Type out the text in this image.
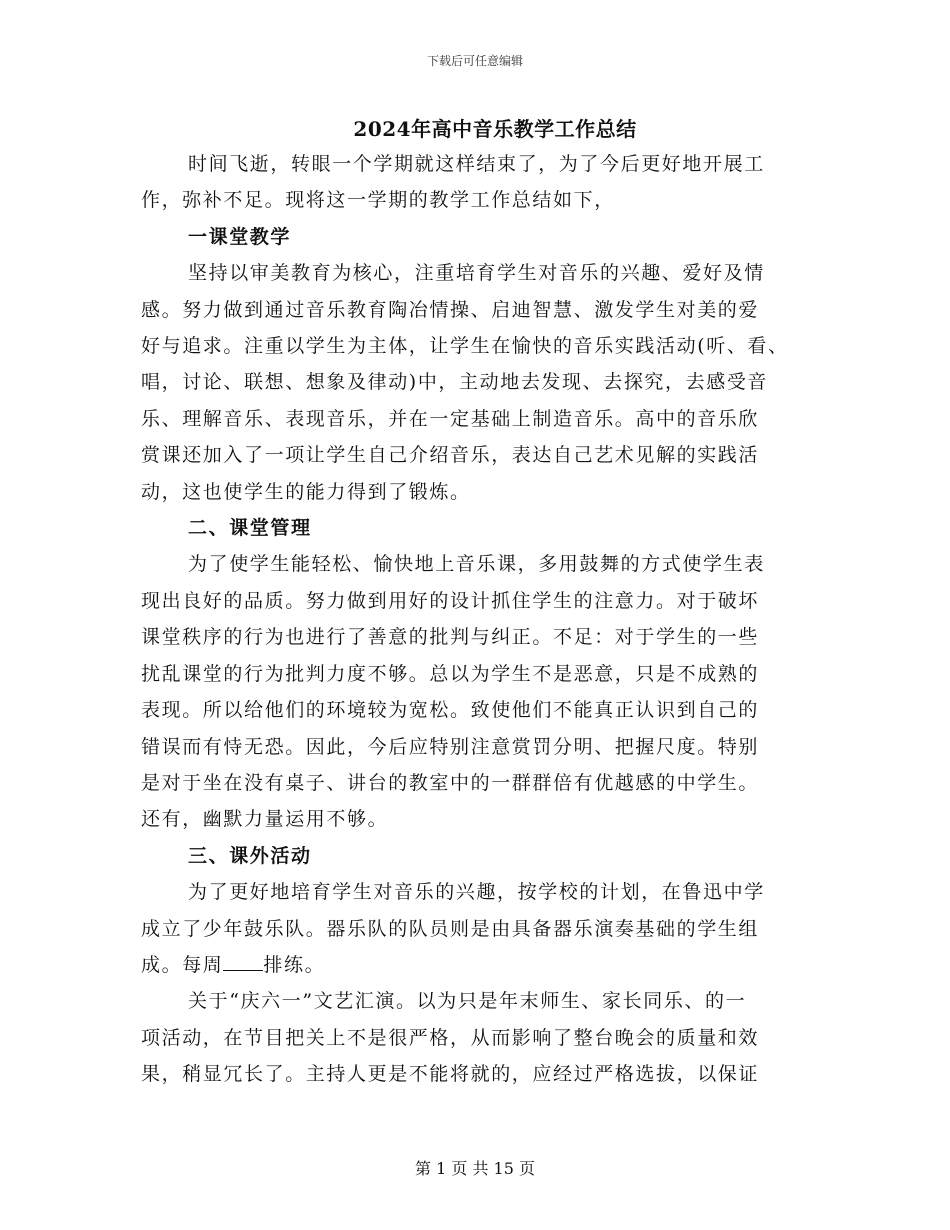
下载后可任意编辑
2024年高中音乐教学工作总结

时间飞逝，转眼一个学期就这样结束了，为了今后更好地开展工
作，弥补不足。现将这一学期的教学工作总结如下，

一课堂教学

坚持以审美教育为核心，注重培育学生对音乐的兴趣、爱好及情
感。努力做到通过音乐教育陶冶情操、启迪智慧、激发学生对美的爱
好与追求。注重以学生为主体，让学生在愉快的音乐实践活动(听、看、
唱，讨论、联想、想象及律动)中，主动地去发现、去探究，去感受音
乐、理解音乐、表现音乐，并在一定基础上制造音乐。高中的音乐欣
赏课还加入了一项让学生自己介绍音乐，表达自己艺术见解的实践活
动，这也使学生的能力得到了锻炼。

二、课堂管理

为了使学生能轻松、愉快地上音乐课，多用鼓舞的方式使学生表
现出良好的品质。努力做到用好的设计抓住学生的注意力。对于破坏
课堂秩序的行为也进行了善意的批判与纠正。不足：对于学生的一些
扰乱课堂的行为批判力度不够。总以为学生不是恶意，只是不成熟的
表现。所以给他们的环境较为宽松。致使他们不能真正认识到自己的
错误而有恃无恐。因此，今后应特别注意赏罚分明、把握尺度。特别
是对于坐在没有桌子、讲台的教室中的一群群倍有优越感的中学生。
还有，幽默力量运用不够。

三、课外活动

为了更好地培育学生对音乐的兴趣，按学校的计划，在鲁迅中学
成立了少年鼓乐队。器乐队的队员则是由具备器乐演奏基础的学生组
成。每周 排练。

关于“庆六一”文艺汇演。以为只是年末师生、家长同乐、的一
项活动，在节目把关上不是很严格，从而影响了整台晚会的质量和效
果，稍显冗长了。主持人更是不能将就的，应经过严格选拔，以保证

第 1 页 共 15 页
